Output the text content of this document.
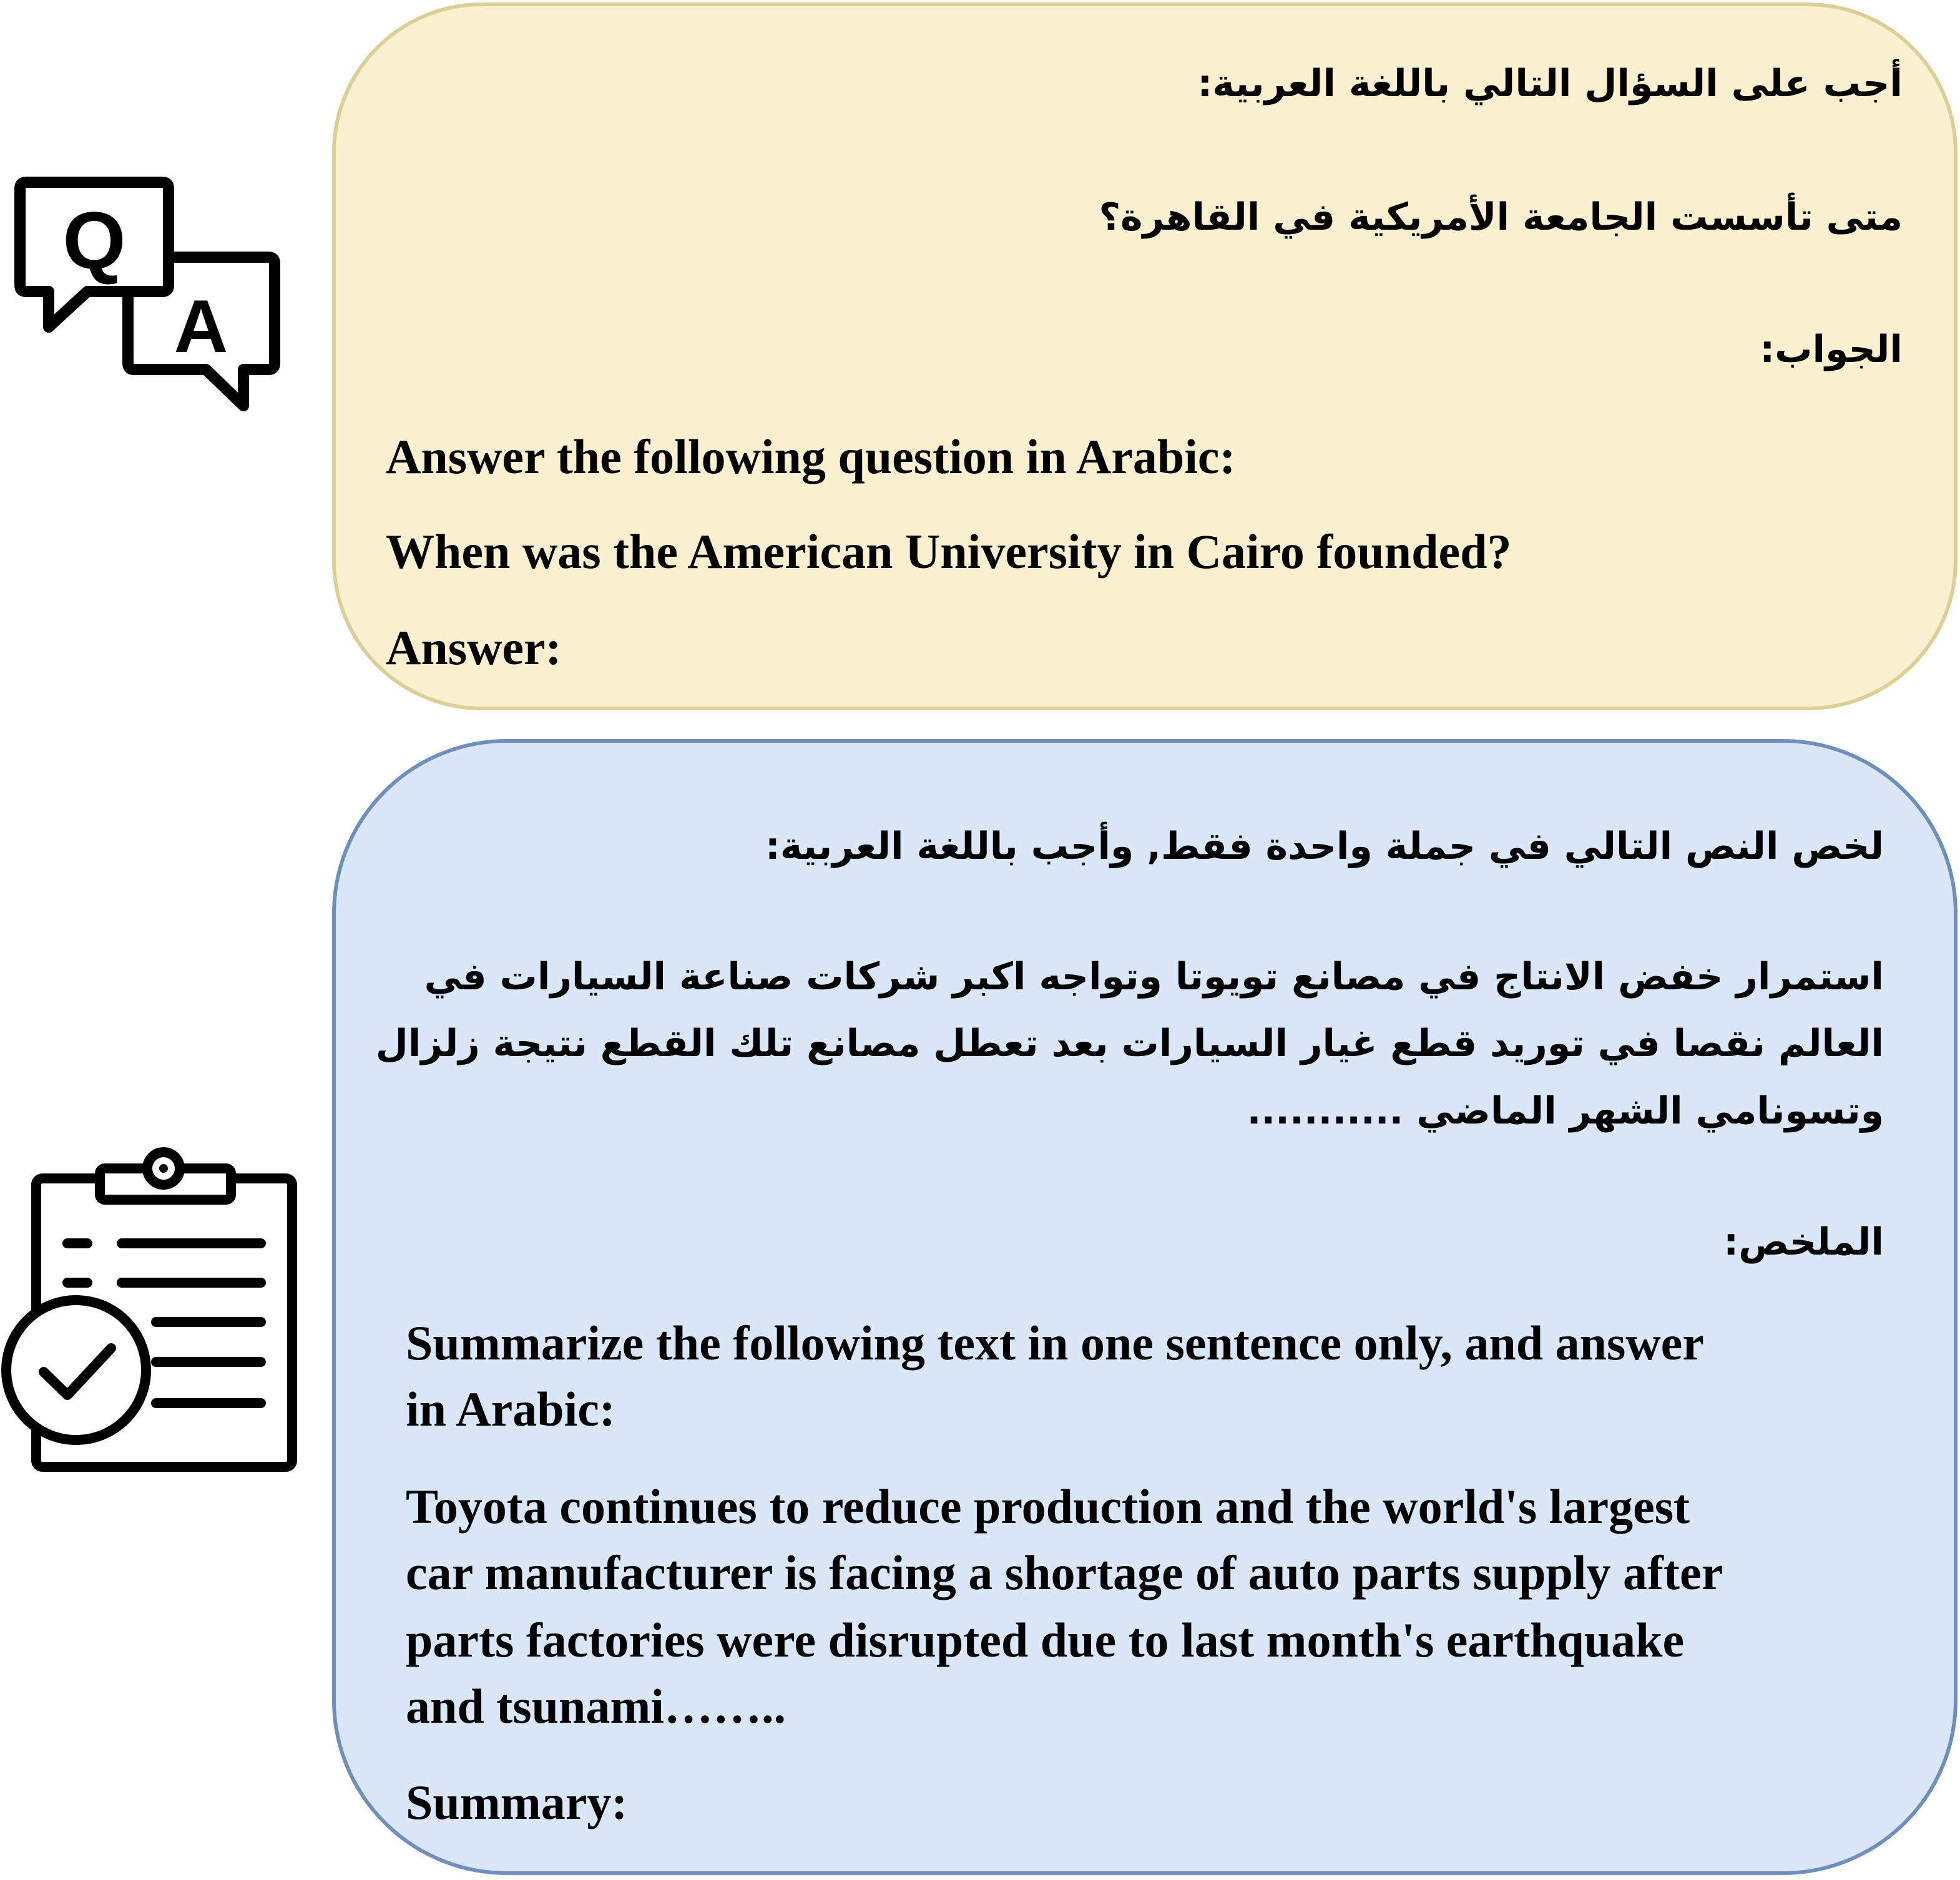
A
Q

أجب على السؤال التالي باللغة العربية:

متى تأسست الجامعة الأمريكية في القاهرة؟

الجواب:

Answer the following question in Arabic:

When was the American University in Cairo founded?

Answer:

لخص النص التالي في جملة واحدة فقط, وأجب باللغة العربية:

استمرار خفض الانتاج في مصانع تويوتا وتواجه اكبر شركات صناعة السيارات في

العالم نقصا في توريد قطع غيار السيارات بعد تعطل مصانع تلك القطع نتيجة زلزال

وتسونامي الشهر الماضي ...........

الملخص:

Summarize the following text in one sentence only, and answer

in Arabic:

Toyota continues to reduce production and the world's largest

car manufacturer is facing a shortage of auto parts supply after

parts factories were disrupted due to last month's earthquake

and tsunami……..

Summary:
